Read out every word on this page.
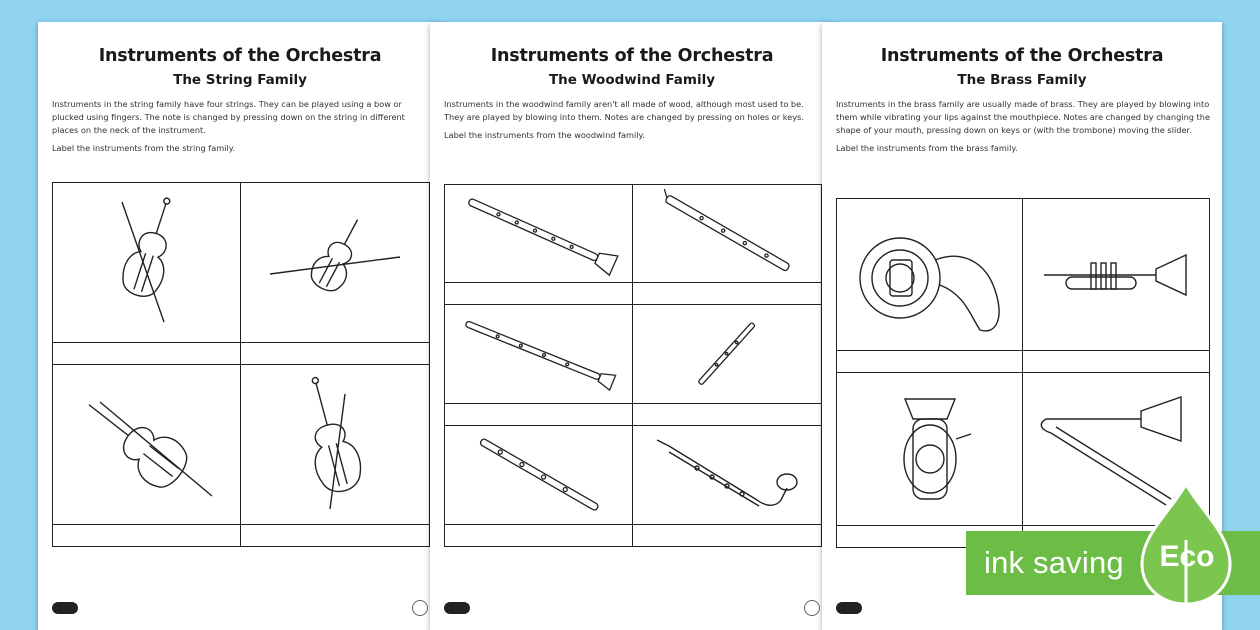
Instruments of the Orchestra
The String Family

Instruments in the string family have four strings. They can be played using a bow or plucked using fingers. The note is changed by pressing down on the string in different places on the neck of the instrument.

Label the instruments from the string family.

Instruments of the Orchestra
The Woodwind Family

Instruments in the woodwind family aren't all made of wood, although most used to be. They are played by blowing into them. Notes are changed by pressing on holes or keys.

Label the instruments from the woodwind family.

Instruments of the Orchestra
The Brass Family

Instruments in the brass family are usually made of brass. They are played by blowing into them while vibrating your lips against the mouthpiece. Notes are changed by changing the shape of your mouth, pressing down on keys or (with the trombone) moving the slider.

Label the instruments from the brass family.

ink saving	Eco
